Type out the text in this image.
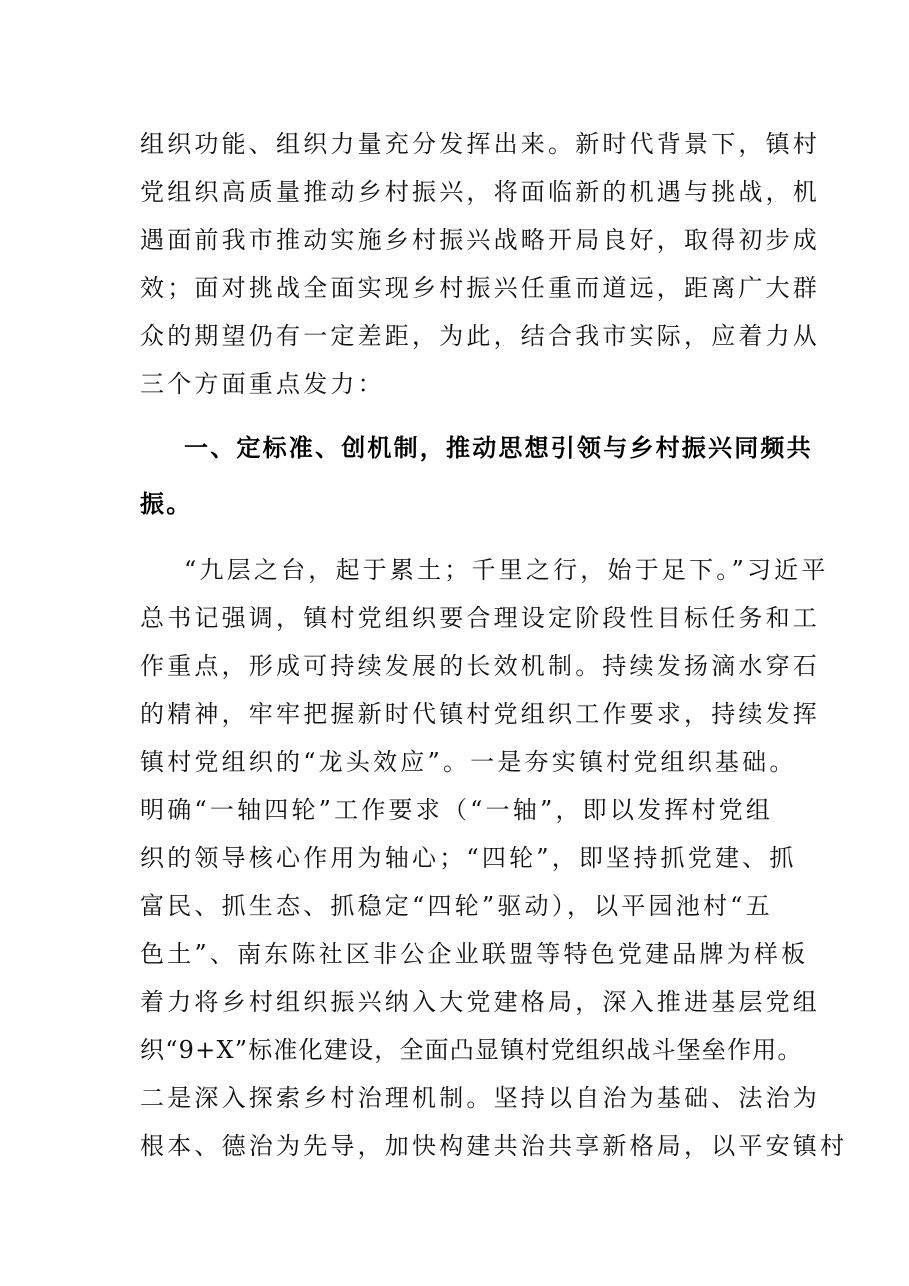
组织功能、组织力量充分发挥出来。新时代背景下，镇村
党组织高质量推动乡村振兴，将面临新的机遇与挑战，机
遇面前我市推动实施乡村振兴战略开局良好，取得初步成
效；面对挑战全面实现乡村振兴任重而道远，距离广大群
众的期望仍有一定差距，为此，结合我市实际，应着力从
三个方面重点发力：
一、定标准、创机制，推动思想引领与乡村振兴同频共
振。
“九层之台，起于累土；千里之行，始于足下。”习近平
总书记强调，镇村党组织要合理设定阶段性目标任务和工
作重点，形成可持续发展的长效机制。持续发扬滴水穿石
的精神，牢牢把握新时代镇村党组织工作要求，持续发挥
镇村党组织的“龙头效应”。一是夯实镇村党组织基础。
明确“一轴四轮”工作要求（“一轴”，即以发挥村党组
织的领导核心作用为轴心；“四轮”，即坚持抓党建、抓
富民、抓生态、抓稳定“四轮”驱动），以平园池村“五
色土”、南东陈社区非公企业联盟等特色党建品牌为样板
着力将乡村组织振兴纳入大党建格局，深入推进基层党组
织“9+X”标准化建设，全面凸显镇村党组织战斗堡垒作用。
二是深入探索乡村治理机制。坚持以自治为基础、法治为
根本、德治为先导，加快构建共治共享新格局，以平安镇村
